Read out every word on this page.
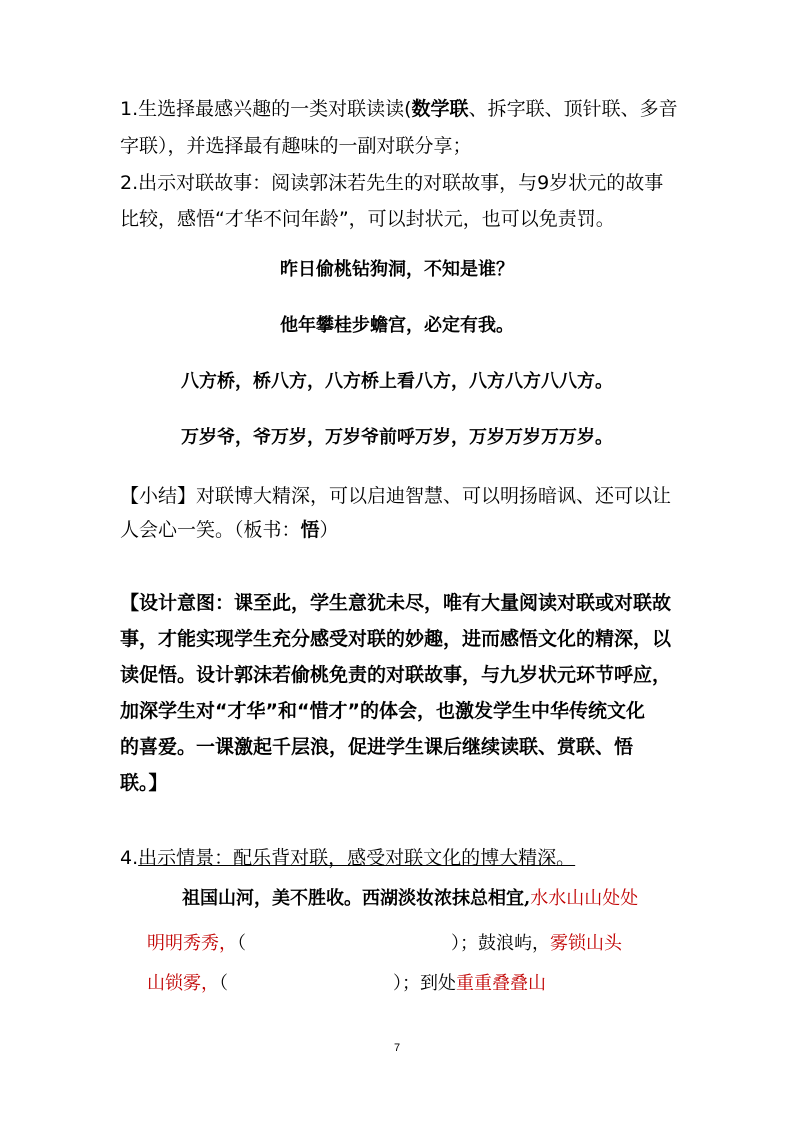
1.生选择最感兴趣的一类对联读读(数学联、拆字联、顶针联、多音
字联），并选择最有趣味的一副对联分享；
2.出示对联故事：阅读郭沫若先生的对联故事，与9岁状元的故事
比较，感悟“才华不问年龄”，可以封状元，也可以免责罚。
昨日偷桃钻狗洞，不知是谁？
他年攀桂步蟾宫，必定有我。
八方桥，桥八方，八方桥上看八方，八方八方八八方。
万岁爷，爷万岁，万岁爷前呼万岁，万岁万岁万万岁。
【小结】对联博大精深，可以启迪智慧、可以明扬暗讽、还可以让
人会心一笑。（板书：悟）
【设计意图：课至此，学生意犹未尽，唯有大量阅读对联或对联故
事，才能实现学生充分感受对联的妙趣，进而感悟文化的精深，以
读促悟。设计郭沫若偷桃免责的对联故事，与九岁状元环节呼应，
加深学生对“才华”和“惜才”的体会，也激发学生中华传统文化
的喜爱。一课激起千层浪，促进学生课后继续读联、赏联、悟
联。】
4.出示情景：配乐背对联，感受对联文化的博大精深。
祖国山河，美不胜收。西湖淡妆浓抹总相宜,水水山山处处
明明秀秀，（	）；鼓浪屿，雾锁山头
山锁雾，（	）；到处重重叠叠山
7
